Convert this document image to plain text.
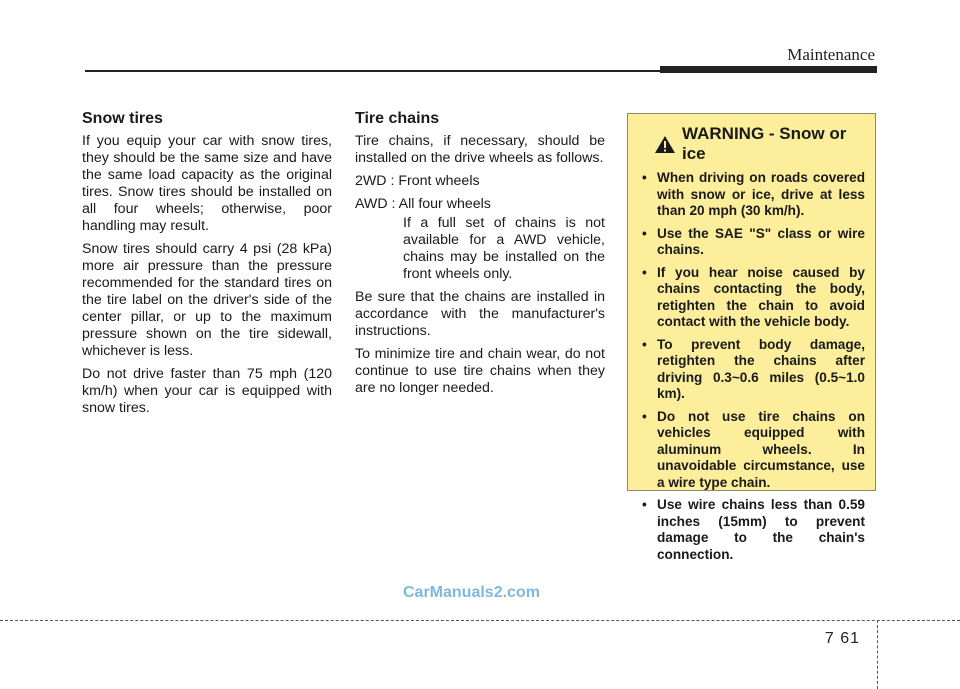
Maintenance
Snow tires

If you equip your car with snow tires, they should be the same size and have the same load capacity as the original tires. Snow tires should be installed on all four wheels; otherwise, poor handling may result.

Snow tires should carry 4 psi (28 kPa) more air pressure than the pressure recommended for the standard tires on the tire label on the driver's side of the center pillar, or up to the maximum pressure shown on the tire sidewall, whichever is less.

Do not drive faster than 75 mph (120 km/h) when your car is equipped with snow tires.

Tire chains

Tire chains, if necessary, should be installed on the drive wheels as follows.

2WD : Front wheels

AWD : All four wheels

If a full set of chains is not available for a AWD vehicle, chains may be installed on the front wheels only.

Be sure that the chains are installed in accordance with the manufacturer's instructions.

To minimize tire and chain wear, do not continue to use tire chains when they are no longer needed.

WARNING - Snow or ice
• When driving on roads covered with snow or ice, drive at less than 20 mph (30 km/h).
• Use the SAE "S" class or wire chains.
• If you hear noise caused by chains contacting the body, retighten the chain to avoid contact with the vehicle body.
• To prevent body damage, retighten the chains after driving 0.3~0.6 miles (0.5~1.0 km).
• Do not use tire chains on vehicles equipped with aluminum wheels. In unavoidable circumstance, use a wire type chain.
• Use wire chains less than 0.59 inches (15mm) to prevent damage to the chain's connection.
CarManuals2.com
7 61
